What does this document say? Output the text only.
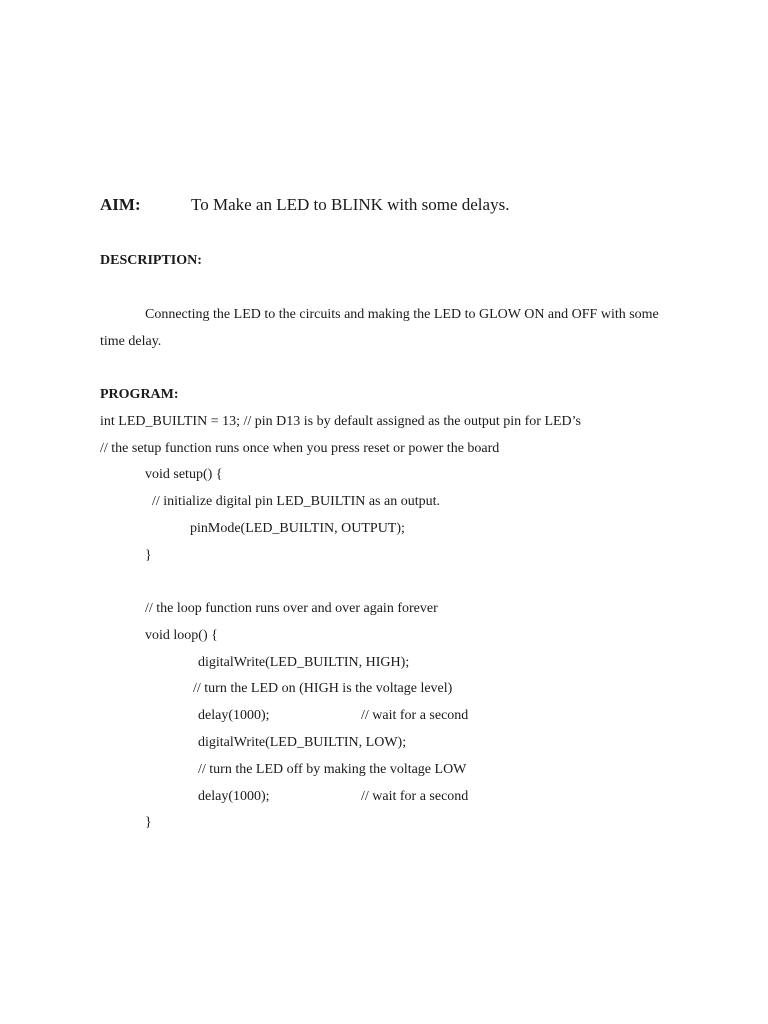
AIM:	To Make an LED to BLINK with some delays.
DESCRIPTION:
Connecting the LED to the circuits and making the LED to GLOW ON and OFF with some
time delay.
PROGRAM:
int LED_BUILTIN = 13; // pin D13 is by default assigned as the output pin for LED’s
// the setup function runs once when you press reset or power the board
void setup() {
// initialize digital pin LED_BUILTIN as an output.
pinMode(LED_BUILTIN, OUTPUT);
}
// the loop function runs over and over again forever
void loop() {
digitalWrite(LED_BUILTIN, HIGH);
// turn the LED on (HIGH is the voltage level)
delay(1000);	// wait for a second
digitalWrite(LED_BUILTIN, LOW);
// turn the LED off by making the voltage LOW
delay(1000);	// wait for a second
}
